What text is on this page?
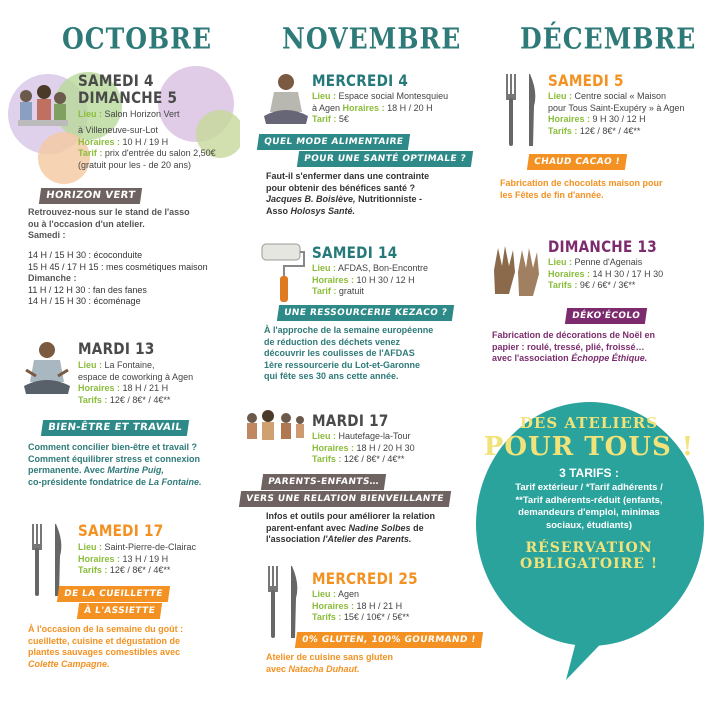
OCTOBRE	NOVEMBRE DÉCEMBRE
SAMEDI 4
DIMANCHE 5
Lieu : Salon Horizon Vert
à Villeneuve-sur-Lot
Horaires : 10 H / 19 H
Tarif : prix d'entrée du salon 2,50€
(gratuit pour les - de 20 ans)
HORIZON VERT
Retrouvez-nous sur le stand de l'asso
ou à l'occasion d'un atelier.
Samedi :
14 H / 15 H 30 : écoconduite
15 H 45 / 17 H 15 : mes cosmétiques maison
Dimanche :
11 H / 12 H 30 : fan des fanes
14 H / 15 H 30 : écoménage
MARDI 13
Lieu : La Fontaine,
espace de coworking à Agen
Horaires : 18 H / 21 H
Tarifs : 12€ / 8€* / 4€**
BIEN-ÊTRE ET TRAVAIL
Comment concilier bien-être et travail ?
Comment équilibrer stress et connexion
permanente. Avec Martine Puig,
co-présidente fondatrice de La Fontaine.
SAMEDI 17
Lieu : Saint-Pierre-de-Clairac
Horaires : 13 H / 19 H
Tarifs : 12€ / 8€* / 4€**
DE LA CUEILLETTE
À L'ASSIETTE
À l'occasion de la semaine du goût :
cueillette, cuisine et dégustation de
plantes sauvages comestibles avec
Colette Campagne.
MERCREDI 4
Lieu : Espace social Montesquieu
à Agen Horaires : 18 H / 20 H
Tarif : 5€
QUEL MODE ALIMENTAIRE
POUR UNE SANTÉ OPTIMALE ?
Faut-il s'enfermer dans une contrainte
pour obtenir des bénéfices santé ?
Jacques B. Boislève, Nutritionniste -
Asso Holosys Santé.
SAMEDI 14
Lieu : AFDAS, Bon-Encontre
Horaires : 10 H 30 / 12 H
Tarif : gratuit
UNE RESSOURCERIE KEZACO ?
À l'approche de la semaine européenne
de réduction des déchets venez
découvrir les coulisses de l'AFDAS
1ère ressourcerie du Lot-et-Garonne
qui fête ses 30 ans cette année.
MARDI 17
Lieu : Hautefage-la-Tour
Horaires : 18 H / 20 H 30
Tarifs : 12€ / 8€* / 4€**
PARENTS-ENFANTS…
VERS UNE RELATION BIENVEILLANTE
Infos et outils pour améliorer la relation
parent-enfant avec Nadine Solbes de
l'association l'Atelier des Parents.
MERCREDI 25
Lieu : Agen
Horaires : 18 H / 21 H
Tarifs : 15€ / 10€* / 5€**
0% GLUTEN, 100% GOURMAND !
Atelier de cuisine sans gluten
avec Natacha Duhaut.
SAMEDI 5
Lieu : Centre social « Maison
pour Tous Saint-Exupéry » à Agen
Horaires : 9 H 30 / 12 H
Tarifs : 12€ / 8€* / 4€**
CHAUD CACAO !
Fabrication de chocolats maison pour
les Fêtes de fin d'année.
DIMANCHE 13
Lieu : Penne d'Agenais
Horaires : 14 H 30 / 17 H 30
Tarifs : 9€ / 6€* / 3€**
DÉKO'ÉCOLO
Fabrication de décorations de Noël en
papier : roulé, tressé, plié, froissé…
avec l'association Échoppe Éthique.
DES ATELIERS
POUR TOUS !
3 TARIFS :
Tarif extérieur / *Tarif adhérents /
**Tarif adhérents-réduit (enfants,
demandeurs d'emploi, minimas
sociaux, étudiants)
RÉSERVATION
OBLIGATOIRE !
